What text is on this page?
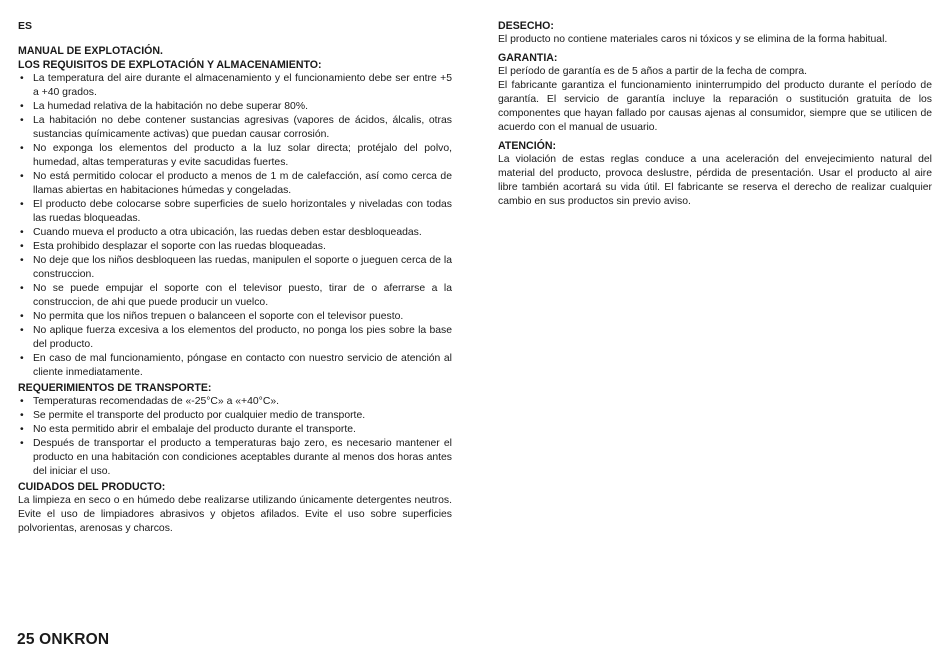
ES
MANUAL DE EXPLOTACIÓN.
LOS REQUISITOS DE EXPLOTACIÓN Y ALMACENAMIENTO:
• La temperatura del aire durante el almacenamiento y el funcionamiento debe ser entre +5 a +40 grados.
• La humedad relativa de la habitación no debe superar 80%.
• La habitación no debe contener sustancias agresivas (vapores de ácidos, álcalis, otras sustancias químicamente activas) que puedan causar corrosión.
• No exponga los elementos del producto a la luz solar directa; protéjalo del polvo, humedad, altas temperaturas y evite sacudidas fuertes.
• No está permitido colocar el producto a menos de 1 m de calefacción, así como cerca de llamas abiertas en habitaciones húmedas y congeladas.
• El producto debe colocarse sobre superficies de suelo horizontales y niveladas con todas las ruedas bloqueadas.
• Cuando mueva el producto a otra ubicación, las ruedas deben estar desbloqueadas.
• Esta prohibido desplazar el soporte con las ruedas bloqueadas.
• No deje que los niños desbloqueen las ruedas, manipulen el soporte o jueguen cerca de la construccion.
• No se puede empujar el soporte con el televisor puesto, tirar de o aferrarse a la construccion, de ahi que puede producir un vuelco.
• No permita que los niños trepuen o balanceen el soporte con el televisor puesto.
• No aplique fuerza excesiva a los elementos del producto, no ponga los pies sobre la base del producto.
• En caso de mal funcionamiento, póngase en contacto con nuestro servicio de atención al cliente inmediatamente.
REQUERIMIENTOS DE TRANSPORTE:
• Temperaturas recomendadas de «-25°C» a «+40°C».
• Se permite el transporte del producto por cualquier medio de transporte.
• No esta permitido abrir el embalaje del producto durante el transporte.
• Después de transportar el producto a temperaturas bajo zero, es necesario mantener el producto en una habitación con condiciones aceptables durante al menos dos horas antes del iniciar el uso.
CUIDADOS DEL PRODUCTO:

La limpieza en seco o en húmedo debe realizarse utilizando únicamente detergentes neutros. Evite el uso de limpiadores abrasivos y objetos afilados. Evite el uso sobre superficies polvorientas, arenosas y charcos.

DESECHO:

El producto no contiene materiales caros ni tóxicos y se elimina de la forma habitual.

GARANTIA:

El período de garantía es de 5 años a partir de la fecha de compra.

El fabricante garantiza el funcionamiento ininterrumpido del producto durante el período de garantía. El servicio de garantía incluye la reparación o sustitución gratuita de los componentes que hayan fallado por causas ajenas al consumidor, siempre que se utilicen de acuerdo con el manual de usuario.

ATENCIÓN:

La violación de estas reglas conduce a una aceleración del envejecimiento natural del material del producto, provoca deslustre, pérdida de presentación. Usar el producto al aire libre también acortará su vida útil. El fabricante se reserva el derecho de realizar cualquier cambio en sus productos sin previo aviso.

25 ONKRON
